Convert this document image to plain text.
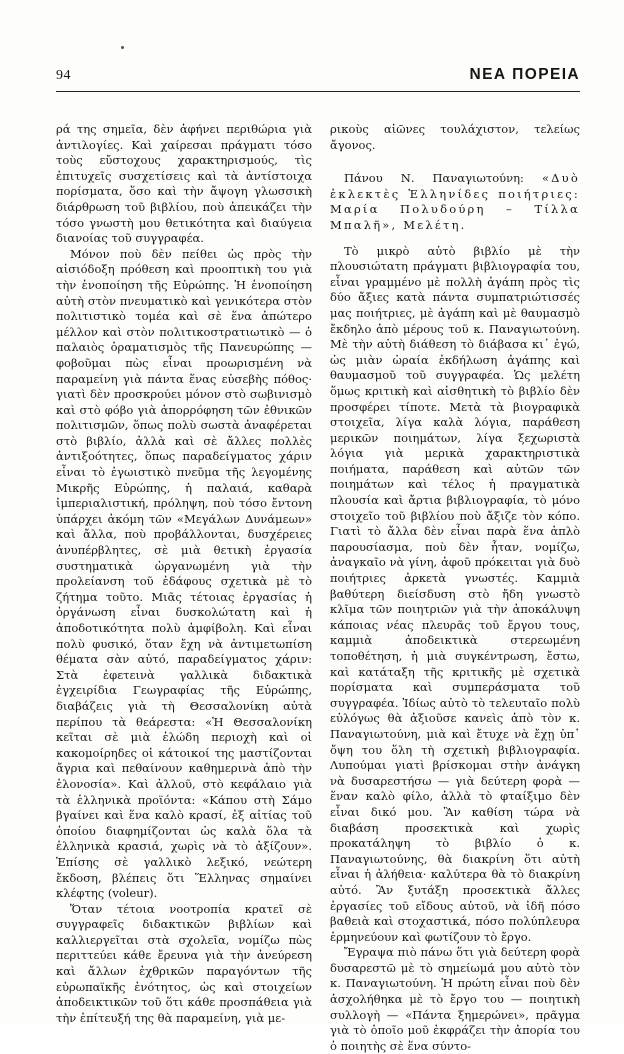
94	ΝΕΑ ΠΟΡΕΙΑ

ρά της σημεῖα, δὲν ἀφήνει περιθώρια γιὰ ἀντιλογίες. Καὶ χαίρεσαι πράγματι τόσο τοὺς εὔστοχους χαρακτηρισμούς, τὶς ἐπιτυχεῖς συσχετίσεις καὶ τὰ ἀντίστοιχα πορίσματα, ὅσο καὶ τὴν ἄψογη γλωσσικὴ διάρθρωση τοῦ βιβλίου, ποὺ ἀπεικάζει τὴν τόσο γνωστὴ μου θετικότητα καὶ διαύγεια διανοίας τοῦ συγγραφέα.

Μόνον ποὺ δὲν πείθει ὡς πρὸς τὴν αἰσιόδοξη πρόθεση καὶ προοπτικὴ του γιὰ τὴν ἑνοποίηση τῆς Εὐρώπης. Ἡ ἑνοποίηση αὐτὴ στὸν πνευματικὸ καὶ γενικότερα στὸν πολιτιστικὸ τομέα καὶ σὲ ἕνα ἀπώτερο μέλλον καὶ στὸν πολιτικοστρατιωτικὸ — ὁ παλαιὸς ὁραματισμὸς τῆς Πανευρώπης — φοβοῦμαι πὼς εἶναι προωρισμένη νὰ παραμείνη γιὰ πάντα ἕνας εὐσεβὴς πόθος· γιατὶ δὲν προσκρούει μόνον στὸ σωβινισμὸ καὶ στὸ φόβο γιὰ ἀπορρόφηση τῶν ἐθνικῶν πολιτισμῶν, ὅπως πολὺ σωστὰ ἀναφέρεται στὸ βιβλίο, ἀλλὰ καὶ σὲ ἄλλες πολλὲς ἀντιξοότητες, ὅπως παραδείγματος χάριν εἶναι τὸ ἐγωιστικὸ πνεῦμα τῆς λεγομένης Μικρῆς Εὐρώπης, ἡ παλαιά, καθαρὰ ἰμπεριαλιστική, πρόληψη, ποὺ τόσο ἔντονη ὑπάρχει ἀκόμη τῶν «Μεγάλων Δυνάμεων» καὶ ἄλλα, ποὺ προβάλλονται, δυσχέρειες ἀνυπέρβλητες, σὲ μιὰ θετικὴ ἐργασία συστηματικὰ ὠργανωμένη γιὰ τὴν προλείανση τοῦ ἐδάφους σχετικὰ μὲ τὸ ζήτημα τοῦτο. Μιᾶς τέτοιας ἐργασίας ἡ ὀργάνωση εἶναι δυσκολώτατη καὶ ἡ ἀποδοτικότητα πολὺ ἀμφίβολη. Καὶ εἶναι πολὺ φυσικό, ὅταν ἔχη νὰ ἀντιμετωπίση θέματα σὰν αὐτό, παραδείγματος χάριν: Στὰ ἐφετεινὰ γαλλικὰ διδακτικὰ ἐγχειρίδια Γεωγραφίας τῆς Εὐρώπης, διαβάζεις γιὰ τὴ Θεσσαλονίκη αὐτὰ περίπου τὰ θεάρεστα: «Ἡ Θεσσαλονίκη κεῖται σὲ μιὰ ἑλώδη περιοχὴ καὶ οἱ κακομοίρηδες οἱ κάτοικοί της μαστίζονται ἄγρια καὶ πεθαίνουν καθημερινὰ ἀπὸ τὴν ἑλονοσία». Καὶ ἀλλοῦ, στὸ κεφάλαιο γιὰ τὰ ἑλληνικὰ προϊόντα: «Κάπου στὴ Σάμο βγαίνει καὶ ἕνα καλὸ κρασί, ἐξ αἰτίας τοῦ ὁποίου διαφημίζονται ὡς καλὰ ὅλα τὰ ἑλληνικὰ κρασιά, χωρὶς νὰ τὸ ἀξίζουν». Ἐπίσης σὲ γαλλικὸ λεξικό, νεώτερη ἔκδοση, βλέπεις ὅτι Ἕλληνας σημαίνει κλέφτης (voleur).

Ὅταν τέτοια νοοτροπία κρατεῖ σὲ συγγραφεῖς διδακτικῶν βιβλίων καὶ καλλιεργεῖται στὰ σχολεῖα, νομίζω πὼς περιττεύει κάθε ἔρευνα γιὰ τὴν ἀνεύρεση καὶ ἄλλων ἐχθρικῶν παραγόντων τῆς εὐρωπαϊκῆς ἑνότητος, ὡς καὶ στοιχείων ἀποδεικτικῶν τοῦ ὅτι κάθε προσπάθεια γιὰ τὴν ἐπίτευξή της θὰ παραμείνη, γιὰ με-

ρικοὺς αἰῶνες τουλάχιστον, τελείως ἄγονος.

Πάνου Ν. Παναγιωτούνη: «Δυὸ ἐκλεκτὲς Ἑλληνίδες ποιήτριες: Μαρία Πολυδούρη – Τίλλα Μπαλῆ», Μελέτη.

Τὸ μικρὸ αὐτὸ βιβλίο μὲ τὴν πλουσιώτατη πράγματι βιβλιογραφία του, εἶναι γραμμένο μὲ πολλὴ ἀγάπη πρὸς τὶς δύο ἄξιες κατὰ πάντα συμπατριώτισσές μας ποιήτριες, μὲ ἀγάπη καὶ μὲ θαυμασμὸ ἔκδηλο ἀπὸ μέρους τοῦ κ. Παναγιωτούνη. Μὲ τὴν αὐτὴ διάθεση τὸ διάβασα κι᾿ ἐγώ, ὡς μιὰν ὡραία ἐκδήλωση ἀγάπης καὶ θαυμασμοῦ τοῦ συγγραφέα. Ὡς μελέτη ὅμως κριτικὴ καὶ αἰσθητικὴ τὸ βιβλίο δὲν προσφέρει τίποτε. Μετὰ τὰ βιογραφικὰ στοιχεῖα, λίγα καλὰ λόγια, παράθεση μερικῶν ποιημάτων, λίγα ξεχωριστὰ λόγια γιὰ μερικὰ χαρακτηριστικὰ ποιήματα, παράθεση καὶ αὐτῶν τῶν ποιημάτων καὶ τέλος ἡ πραγματικὰ πλουσία καὶ ἄρτια βιβλιογραφία, τὸ μόνο στοιχεῖο τοῦ βιβλίου ποὺ ἄξιζε τὸν κόπο. Γιατὶ τὸ ἄλλα δὲν εἶναι παρὰ ἕνα ἁπλὸ παρουσίασμα, ποὺ δὲν ἦταν, νομίζω, ἀναγκαῖο νὰ γίνη, ἀφοῦ πρόκειται γιὰ δυὸ ποιήτριες ἀρκετὰ γνωστές. Καμμιὰ βαθύτερη διείσδυση στὸ ἤδη γνωστὸ κλῖμα τῶν ποιητριῶν γιὰ τὴν ἀποκάλυψη κάποιας νέας πλευρᾶς τοῦ ἔργου τους, καμμιὰ ἀποδεικτικὰ στερεωμένη τοποθέτηση, ἡ μιὰ συγκέντρωση, ἔστω, καὶ κατάταξη τῆς κριτικῆς μὲ σχετικὰ πορίσματα καὶ συμπεράσματα τοῦ συγγραφέα. Ἰδίως αὐτὸ τὸ τελευταῖο πολὺ εὐλόγως θὰ ἀξιοῦσε κανεὶς ἀπὸ τὸν κ. Παναγιωτούνη, μιὰ καὶ ἔτυχε νὰ ἔχῃ ὑπ᾿ ὄψη του ὅλη τὴ σχετικὴ βιβλιογραφία. Λυπούμαι γιατὶ βρίσκομαι στὴν ἀνάγκη νὰ δυσαρεστήσω — γιὰ δεύτερη φορὰ — ἕναν καλὸ φίλο, ἀλλὰ τὸ φταίξιμο δὲν εἶναι δικό μου. Ἂν καθίση τώρα νὰ διαβάση προσεκτικὰ καὶ χωρὶς προκατάληψη τὸ βιβλίο ὁ κ. Παναγιωτούνης, θὰ διακρίνη ὅτι αὐτὴ εἶναι ἡ ἀλήθεια· καλύτερα θὰ τὸ διακρίνη αὐτό. Ἂν ξυτάξη προσεκτικὰ ἄλλες ἐργασίες τοῦ εἴδους αὐτοῦ, νὰ ἰδῆ πόσο βαθειὰ καὶ στοχαστικά, πόσο πολύπλευρα ἑρμηνεύουν καὶ φωτίζουν τὸ ἔργο.

Ἔγραψα πιὸ πάνω ὅτι γιὰ δεύτερη φορὰ δυσαρεστῶ μὲ τὸ σημείωμά μου αὐτὸ τὸν κ. Παναγιωτούνη. Ἡ πρώτη εἶναι ποὺ δὲν ἀσχολήθηκα μὲ τὸ ἔργο του — ποιητικὴ συλλογὴ — «Πάντα ξημερώνει», πρᾶγμα γιὰ τὸ ὁποῖο μοῦ ἐκφράζει τὴν ἀπορία του ὁ ποιητὴς σὲ ἕνα σύντο-
